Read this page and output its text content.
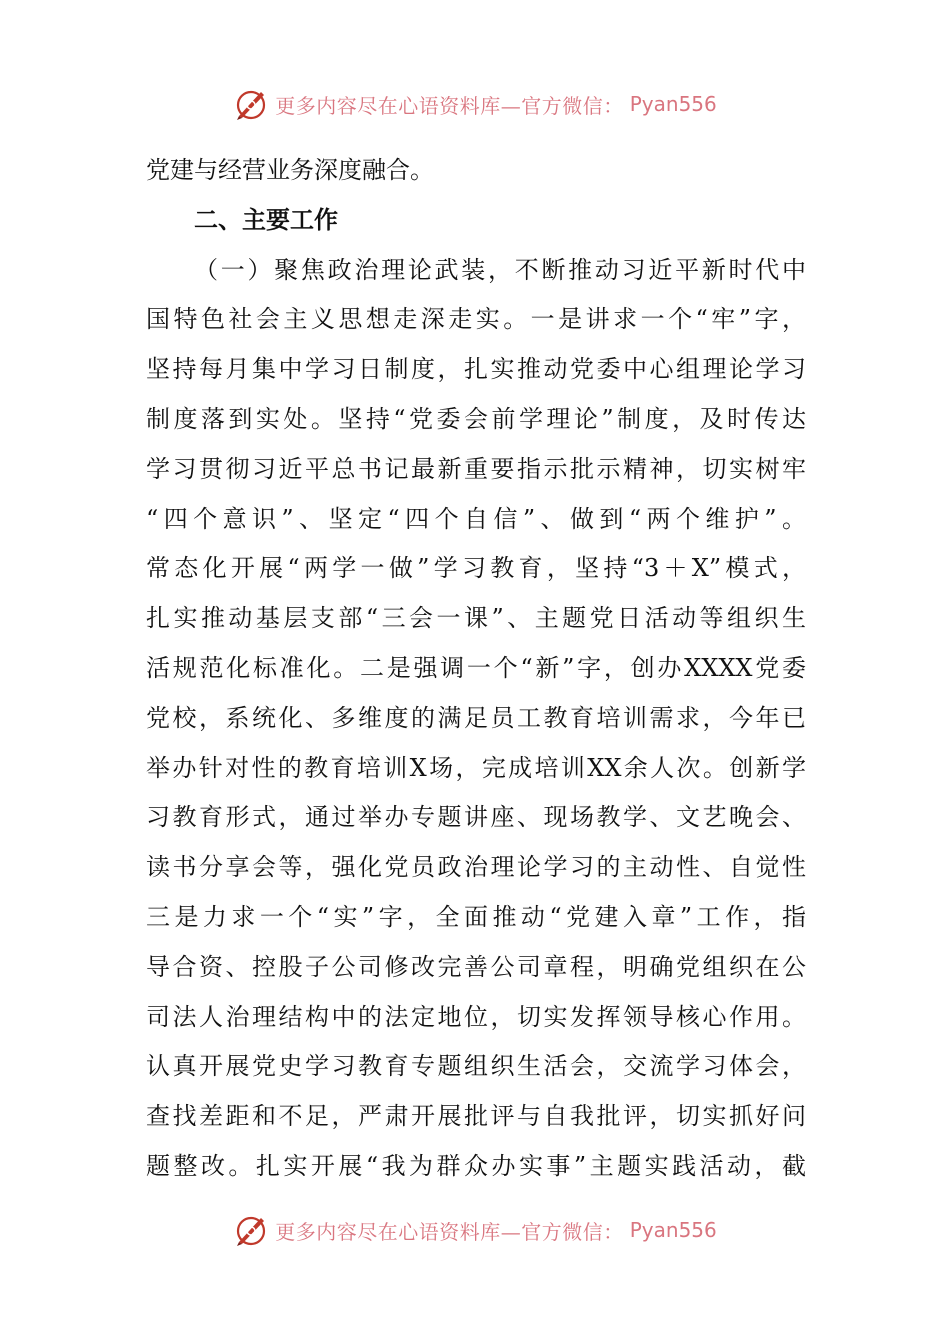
更多内容尽在心语资料库—官方微信： Pyan556
党建与经营业务深度融合。
二、主要工作
（一）聚焦政治理论武装，不断推动习近平新时代中
国特色社会主义思想走深走实。一是讲求一个“牢”字，
坚持每月集中学习日制度，扎实推动党委中心组理论学习
制度落到实处。坚持“党委会前学理论”制度，及时传达
学习贯彻习近平总书记最新重要指示批示精神，切实树牢
“四个意识”、坚定“四个自信”、做到“两个维护”。
常态化开展“两学一做”学习教育，坚持“3＋X”模式，
扎实推动基层支部“三会一课”、主题党日活动等组织生
活规范化标准化。二是强调一个“新”字，创办XXXX党委
党校，系统化、多维度的满足员工教育培训需求，今年已
举办针对性的教育培训X场，完成培训XX余人次。创新学
习教育形式，通过举办专题讲座、现场教学、文艺晚会、
读书分享会等，强化党员政治理论学习的主动性、自觉性
三是力求一个“实”字，全面推动“党建入章”工作，指
导合资、控股子公司修改完善公司章程，明确党组织在公
司法人治理结构中的法定地位，切实发挥领导核心作用。
认真开展党史学习教育专题组织生活会，交流学习体会，
查找差距和不足，严肃开展批评与自我批评，切实抓好问
题整改。扎实开展“我为群众办实事”主题实践活动，截
更多内容尽在心语资料库—官方微信： Pyan556
